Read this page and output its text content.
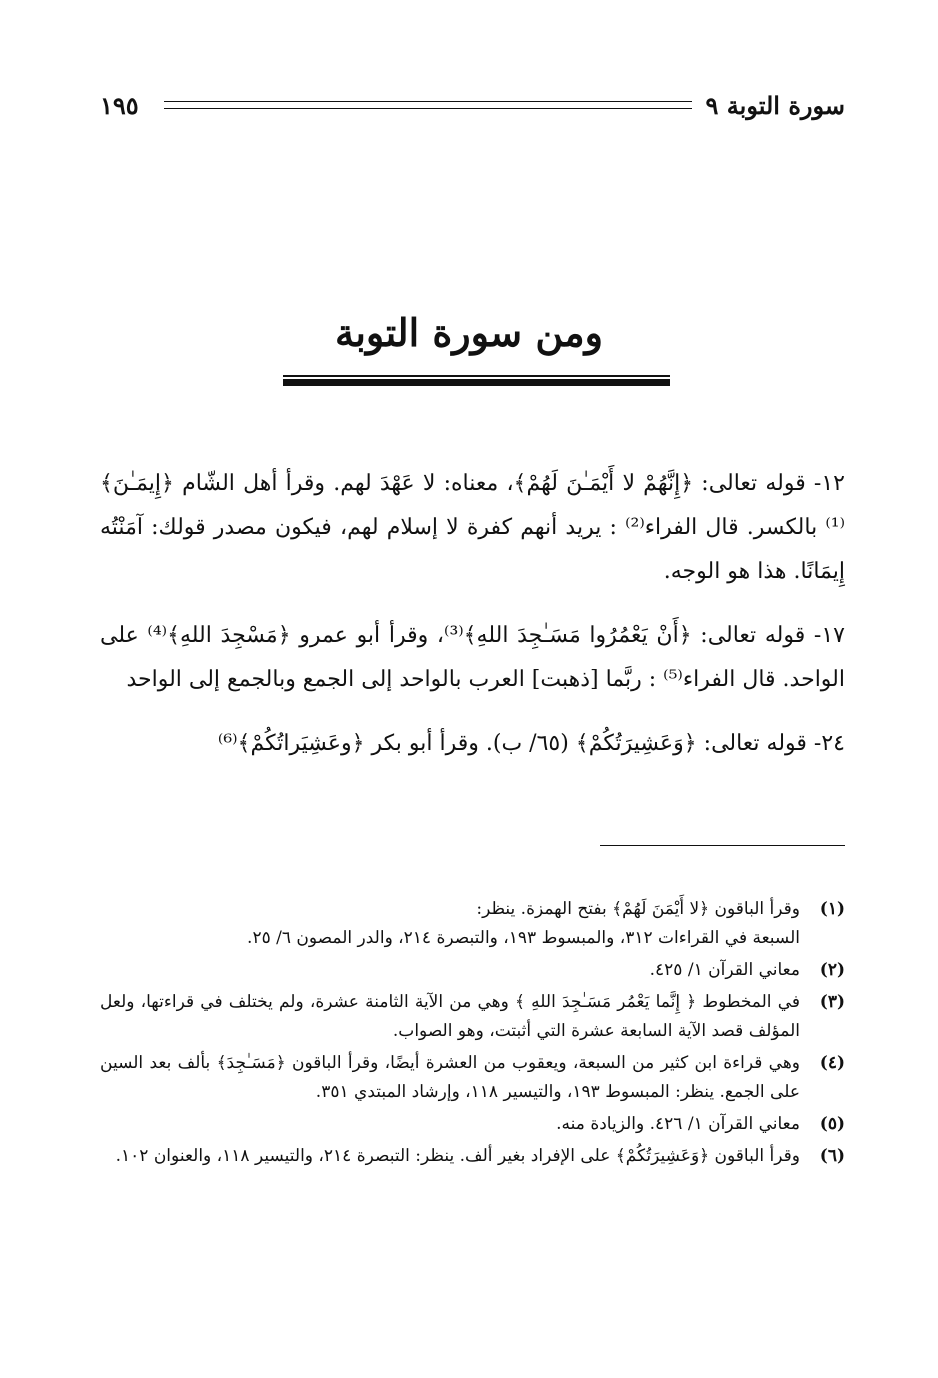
١٩٥	سورة التوبة ٩
ومن سورة التوبة

١٢- قوله تعالى: ﴿إِنَّهُمْ لا أَيْمَـٰنَ لَهُمْ﴾، معناه: لا عَهْدَ لهم. وقرأ أهل الشّام ﴿إِيمَـٰنَ﴾⁽¹⁾ بالكسر. قال الفراء⁽²⁾ : يريد أنهم كفرة لا إسلام لهم، فيكون مصدر قولك: آمَنْتُه إِيمَانًا. هذا هو الوجه.

١٧- قوله تعالى: ﴿أَنْ يَعْمُرُوا مَسَـٰجِدَ اللهِ﴾⁽³⁾، وقرأ أبو عمرو ﴿مَسْجِدَ اللهِ﴾⁽⁴⁾ على الواحد. قال الفراء⁽⁵⁾ : ربَّما [ذهبت] العرب بالواحد إلى الجمع وبالجمع إلى الواحد

٢٤- قوله تعالى: ﴿وَعَشِيرَتُكُمْ﴾ (٦٥/ ب). وقرأ أبو بكر ﴿وعَشِيَراتُكُمْ﴾⁽⁶⁾

(١)
وقرأ الباقون ﴿لا أَيْمَنَ لَهُمْ﴾ بفتح الهمزة. ينظر:
السبعة في القراءات ٣١٢، والمبسوط ١٩٣، والتبصرة ٢١٤، والدر المصون ٦/ ٢٥.
(٢)
معاني القرآن ١/ ٤٢٥.
(٣)
في المخطوط ﴿ إِنَّما يَعْمُر مَسَـٰجِدَ اللهِ ﴾ وهي من الآية الثامنة عشرة، ولم يختلف في قراءتها، ولعل المؤلف قصد الآية السابعة عشرة التي أثبتت، وهو الصواب.
(٤)
وهي قراءة ابن كثير من السبعة، ويعقوب من العشرة أيضًا، وقرأ الباقون ﴿مَسَـٰجِدَ﴾ بألف بعد السين على الجمع. ينظر: المبسوط ١٩٣، والتيسير ١١٨، وإرشاد المبتدي ٣٥١.
(٥)
معاني القرآن ١/ ٤٢٦. والزيادة منه.
(٦)
وقرأ الباقون ﴿وَعَشِيرَتُكُمْ﴾ على الإفراد بغير ألف. ينظر: التبصرة ٢١٤، والتيسير ١١٨، والعنوان ١٠٢.
